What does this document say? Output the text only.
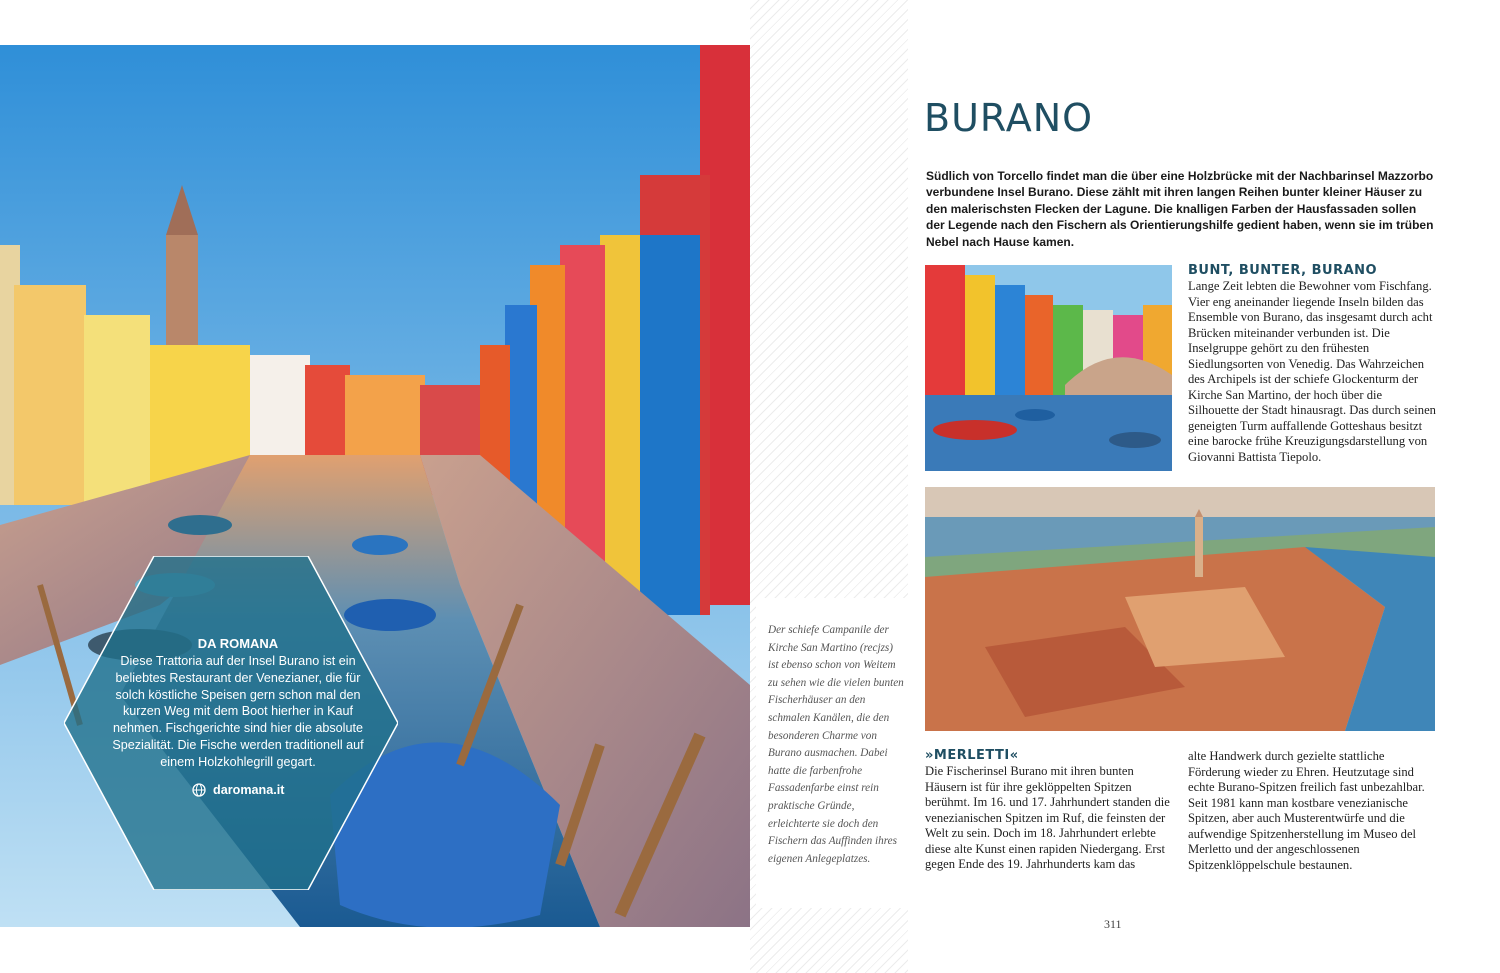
DA ROMANA
Diese Trattoria auf der Insel Burano ist ein beliebtes Restaurant der Venezianer, die für solch köstliche Speisen gern schon mal den kurzen Weg mit dem Boot hierher in Kauf nehmen. Fischgerichte sind hier die absolute Spezialität. Die Fische werden traditionell auf einem Holzkohlegrill gegart.
daromana.it
Der schiefe Campanile der Kirche San Martino (recjzs) ist ebenso schon von Weitem zu sehen wie die vielen bunten Fischerhäuser an den schmalen Kanälen, die den besonderen Charme von Burano ausmachen. Dabei hatte die farbenfrohe Fassadenfarbe einst rein praktische Gründe, erleichterte sie doch den Fischern das Auffinden ihres eigenen Anlegeplatzes.
BURANO
Südlich von Torcello findet man die über eine Holzbrücke mit der Nachbarinsel Mazzorbo verbundene Insel Burano. Diese zählt mit ihren langen Reihen bunter kleiner Häuser zu den malerischsten Flecken der Lagune. Die knalligen Farben der Hausfassaden sollen der Legende nach den Fischern als Orientierungshilfe gedient haben, wenn sie im trüben Nebel nach Hause kamen.
BUNT, BUNTER, BURANO
Lange Zeit lebten die Bewohner vom Fischfang. Vier eng aneinander liegende Inseln bilden das Ensemble von Burano, das insgesamt durch acht Brücken miteinander verbunden ist. Die Inselgruppe gehört zu den frühesten Siedlungsorten von Venedig. Das Wahrzeichen des Archipels ist der schiefe Glockenturm der Kirche San Martino, der hoch über die Silhouette der Stadt hinausragt. Das durch seinen geneigten Turm auffallende Gotteshaus besitzt eine barocke frühe Kreuzigungsdarstellung von Giovanni Battista Tiepolo.
»MERLETTI«
Die Fischerinsel Burano mit ihren bunten Häusern ist für ihre geklöppelten Spitzen berühmt. Im 16. und 17. Jahrhundert standen die venezianischen Spitzen im Ruf, die feinsten der Welt zu sein. Doch im 18. Jahrhundert erlebte diese alte Kunst einen rapiden Niedergang. Erst gegen Ende des 19. Jahrhunderts kam das
alte Handwerk durch gezielte stattliche Förderung wieder zu Ehren. Heutzutage sind echte Burano-Spitzen freilich fast unbezahlbar. Seit 1981 kann man kostbare venezianische Spitzen, aber auch Musterentwürfe und die aufwendige Spitzenherstellung im Museo del Merletto und der angeschlossenen Spitzenklöppelschule bestaunen.
311
